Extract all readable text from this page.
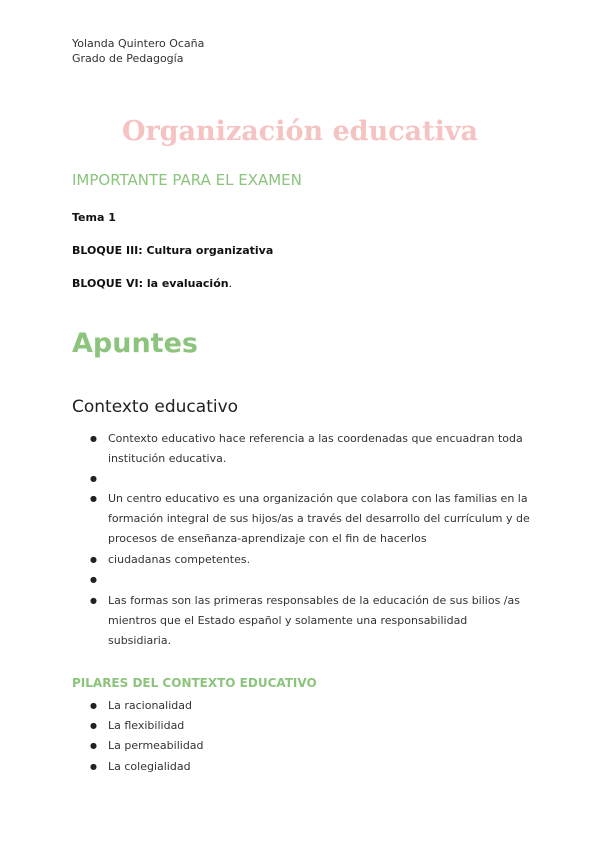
Yolanda Quintero Ocaña
Grado de Pedagogía
Organización educativa
IMPORTANTE PARA EL EXAMEN
Tema 1
BLOQUE III: Cultura organizativa
BLOQUE VI: la evaluación.
Apuntes
Contexto educativo
● Contexto educativo hace referencia a las coordenadas que encuadran toda institución educativa.
● Un centro educativo es una organización que colabora con las familias en la formación integral de sus hijos/as a través del desarrollo del currículum y de procesos de enseñanza-aprendizaje con el fin de hacerlos
● ciudadanas competentes.
● Las formas son las primeras responsables de la educación de sus bilios /as mientros que el Estado español y solamente una responsabilidad subsidiaria.
PILARES DEL CONTEXTO EDUCATIVO
● La racionalidad
● La flexibilidad
● La permeabilidad
● La colegialidad
